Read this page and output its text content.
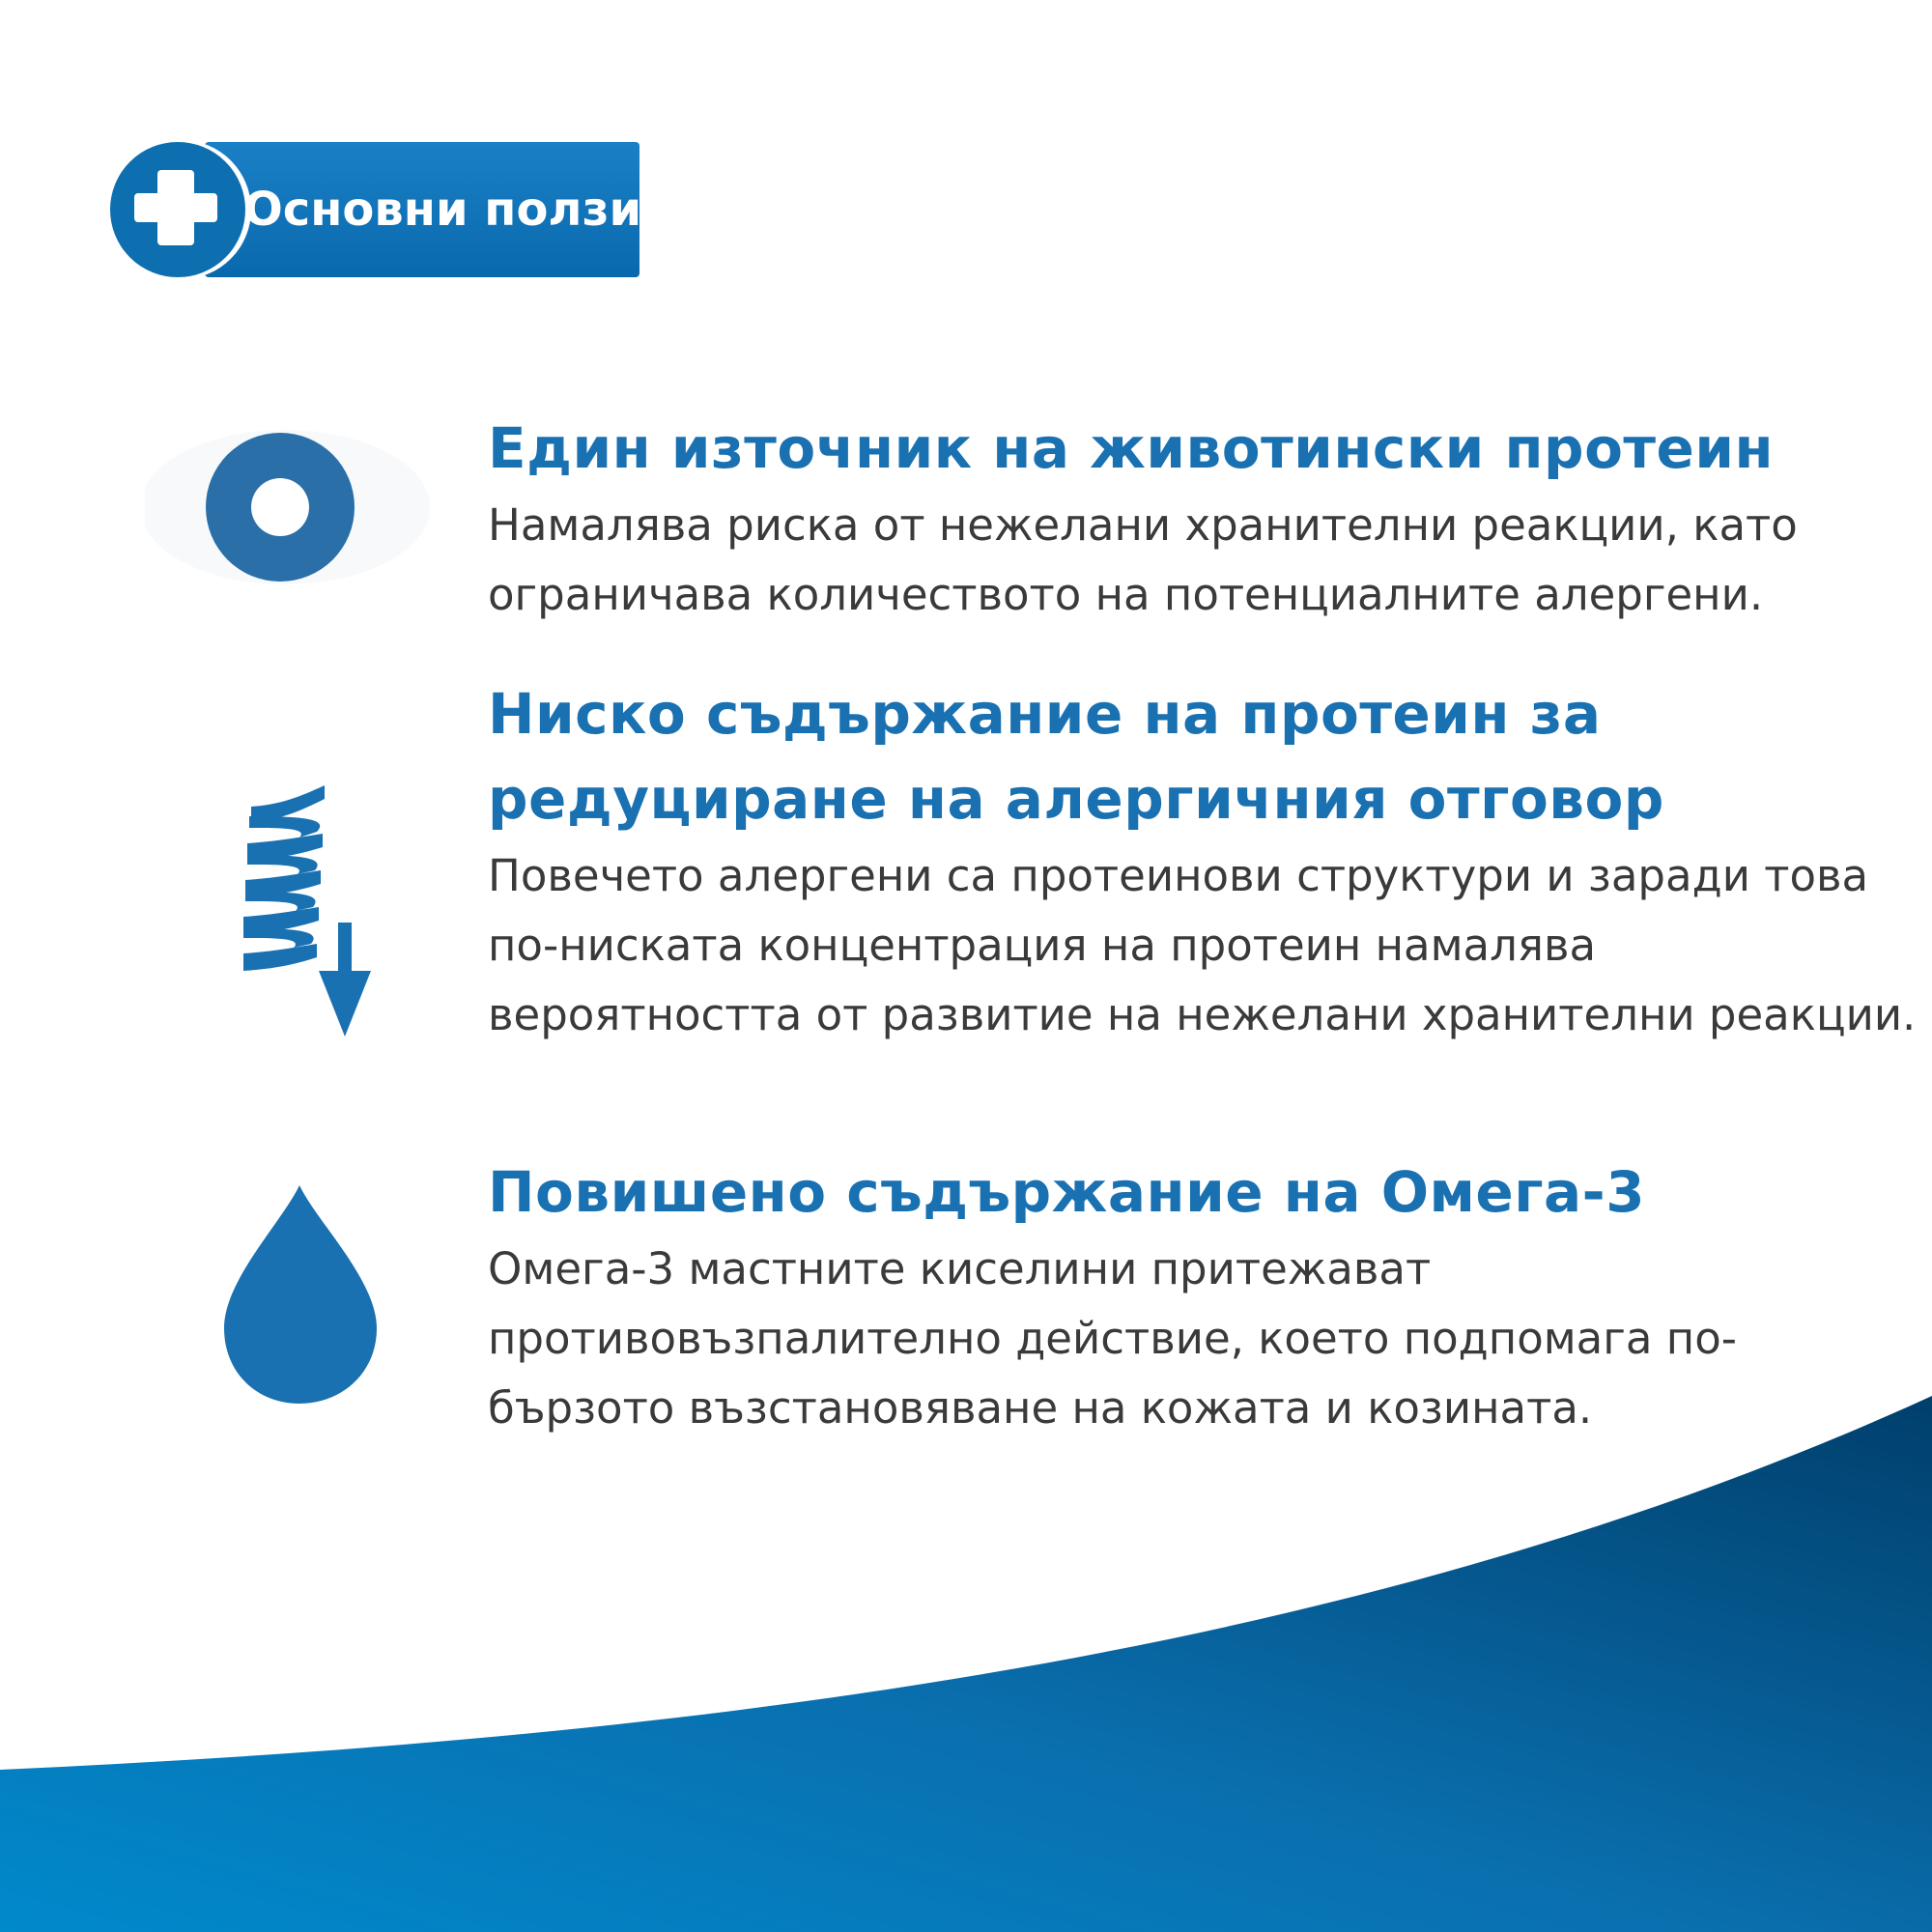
Основни ползи

Един източник на животински протеин

Намалява риска от нежелани хранителни реакции, като ограничава количеството на потенциалните алергени.

Ниско съдържание на протеин за редуциране на алергичния отговор

Повечето алергени са протеинови структури и заради това по-ниската концентрация на протеин намалява вероятността от развитие на нежелани хранителни реакции.

Повишено съдържание на Омега-3

Омега-3 мастните киселини притежават противовъзпалително действие, което подпомага по-бързото възстановяване на кожата и козината.
